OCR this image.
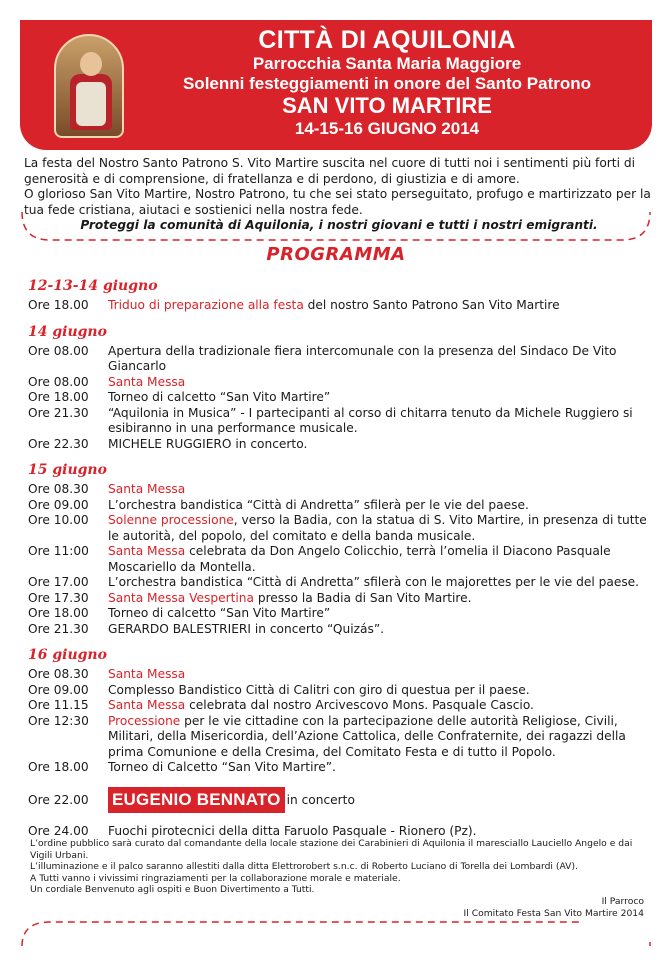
CITTÀ DI AQUILONIA
Parrocchia Santa Maria Maggiore
Solenni festeggiamenti in onore del Santo Patrono
SAN VITO MARTIRE
14-15-16 GIUGNO 2014

La festa del Nostro Santo Patrono S. Vito Martire suscita nel cuore di tutti noi i sentimenti più forti di generosità e di comprensione, di fratellanza e di perdono, di giustizia e di amore.

O glorioso San Vito Martire, Nostro Patrono, tu che sei stato perseguitato, profugo e martirizzato per la tua fede cristiana, aiutaci e sostienici nella nostra fede.

Proteggi la comunità di Aquilonia, i nostri giovani e tutti i nostri emigranti.

PROGRAMMA
12-13-14 giugno
Ore 18.00	Triduo di preparazione alla festa del nostro Santo Patrono San Vito Martire
14 giugno
Ore 08.00	Apertura della tradizionale fiera intercomunale con la presenza del Sindaco De Vito Giancarlo
Ore 08.00	Santa Messa
Ore 18.00	Torneo di calcetto “San Vito Martire”
Ore 21.30	“Aquilonia in Musica” - I partecipanti al corso di chitarra tenuto da Michele Ruggiero si esibiranno in una performance musicale.
Ore 22.30	MICHELE RUGGIERO in concerto.
15 giugno
Ore 08.30	Santa Messa
Ore 09.00	L’orchestra bandistica “Città di Andretta” sfilerà per le vie del paese.
Ore 10.00	Solenne processione, verso la Badia, con la statua di S. Vito Martire, in presenza di tutte le autorità, del popolo, del comitato e della banda musicale.
Ore 11:00	Santa Messa celebrata da Don Angelo Colicchio, terrà l’omelia il Diacono Pasquale Moscariello da Montella.
Ore 17.00	L’orchestra bandistica “Città di Andretta” sfilerà con le majorettes per le vie del paese.
Ore 17.30	Santa Messa Vespertina presso la Badia di San Vito Martire.
Ore 18.00	Torneo di calcetto “San Vito Martire”
Ore 21.30	GERARDO BALESTRIERI in concerto “Quizás”.
16 giugno
Ore 08.30	Santa Messa
Ore 09.00	Complesso Bandistico Città di Calitri con giro di questua per il paese.
Ore 11.15	Santa Messa celebrata dal nostro Arcivescovo Mons. Pasquale Cascio.
Ore 12:30	Processione per le vie cittadine con la partecipazione delle autorità Religiose, Civili, Militari, della Misericordia, dell’Azione Cattolica, delle Confraternite, dei ragazzi della prima Comunione e della Cresima, del Comitato Festa e di tutto il Popolo.
Ore 18.00	Torneo di Calcetto “San Vito Martire”.
Ore 22.00	EUGENIO BENNATO in concerto
Ore 24.00	Fuochi pirotecnici della ditta Faruolo Pasquale - Rionero (Pz).
L’ordine pubblico sarà curato dal comandante della locale stazione dei Carabinieri di Aquilonia il maresciallo Lauciello Angelo e dai Vigili Urbani.
L’illuminazione e il palco saranno allestiti dalla ditta Elettrorobert s.n.c. di Roberto Luciano di Torella dei Lombardi (AV).
A Tutti vanno i vivissimi ringraziamenti per la collaborazione morale e materiale.
Un cordiale Benvenuto agli ospiti e Buon Divertimento a Tutti.
Il Parroco
Il Comitato Festa San Vito Martire 2014
